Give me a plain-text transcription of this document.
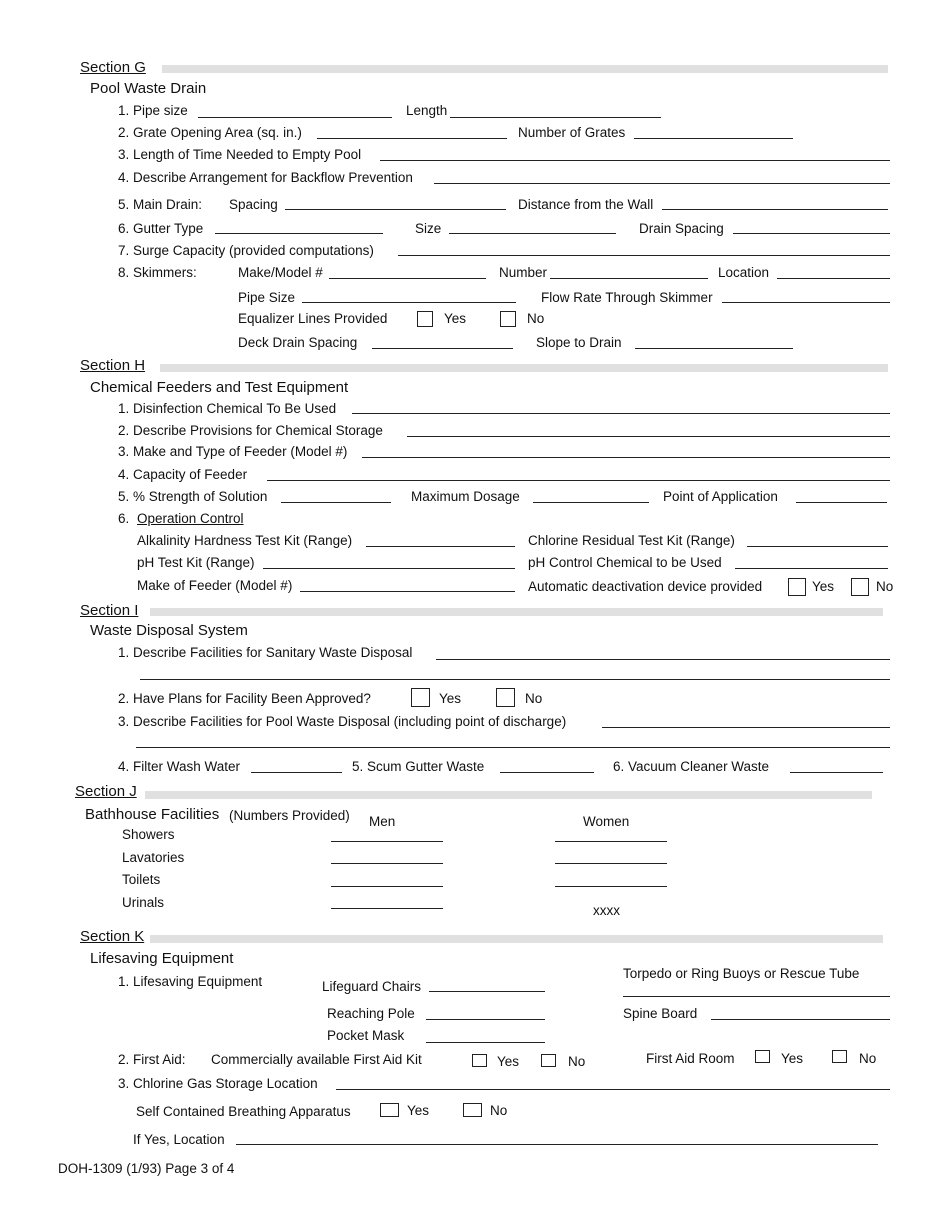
Section G
Pool Waste Drain
1. Pipe size	Length
2. Grate Opening Area (sq. in.)	Number of Grates
3. Length of Time Needed to Empty Pool
4. Describe Arrangement for Backflow Prevention
5. Main Drain: Spacing	Distance from the Wall
6. Gutter Type	Size	Drain Spacing
7. Surge Capacity (provided computations)
8. Skimmers:	Make/Model #	Number	Location
Pipe Size	Flow Rate Through Skimmer
Equalizer Lines Provided	Yes	No
Deck Drain Spacing	Slope to Drain
Section H
Chemical Feeders and Test Equipment
1. Disinfection Chemical To Be Used
2. Describe Provisions for Chemical Storage
3. Make and Type of Feeder (Model #)
4. Capacity of Feeder
5. % Strength of Solution	Maximum Dosage	Point of Application
6. Operation Control
Alkalinity Hardness Test Kit (Range)	Chlorine Residual Test Kit (Range)
pH Test Kit (Range)	pH Control Chemical to be Used
Make of Feeder (Model #)	Automatic deactivation device provided	Yes	No
Section I
Waste Disposal System
1. Describe Facilities for Sanitary Waste Disposal
2. Have Plans for Facility Been Approved?	Yes	No
3. Describe Facilities for Pool Waste Disposal (including point of discharge)
4. Filter Wash Water	5. Scum Gutter Waste	6. Vacuum Cleaner Waste
Section J
Bathhouse Facilities (Numbers Provided) Men	Women
Showers
Lavatories
Toilets
Urinals
xxxx
Section K
Lifesaving Equipment
1. Lifesaving Equipment	Lifeguard Chairs
Torpedo or Ring Buoys or Rescue Tube
Reaching Pole	Spine Board
Pocket Mask
2. First Aid: Commercially available First Aid Kit	Yes	No	First Aid Room	Yes	No
3. Chlorine Gas Storage Location
Self Contained Breathing Apparatus	Yes	No
If Yes, Location
DOH-1309 (1/93) Page 3 of 4
